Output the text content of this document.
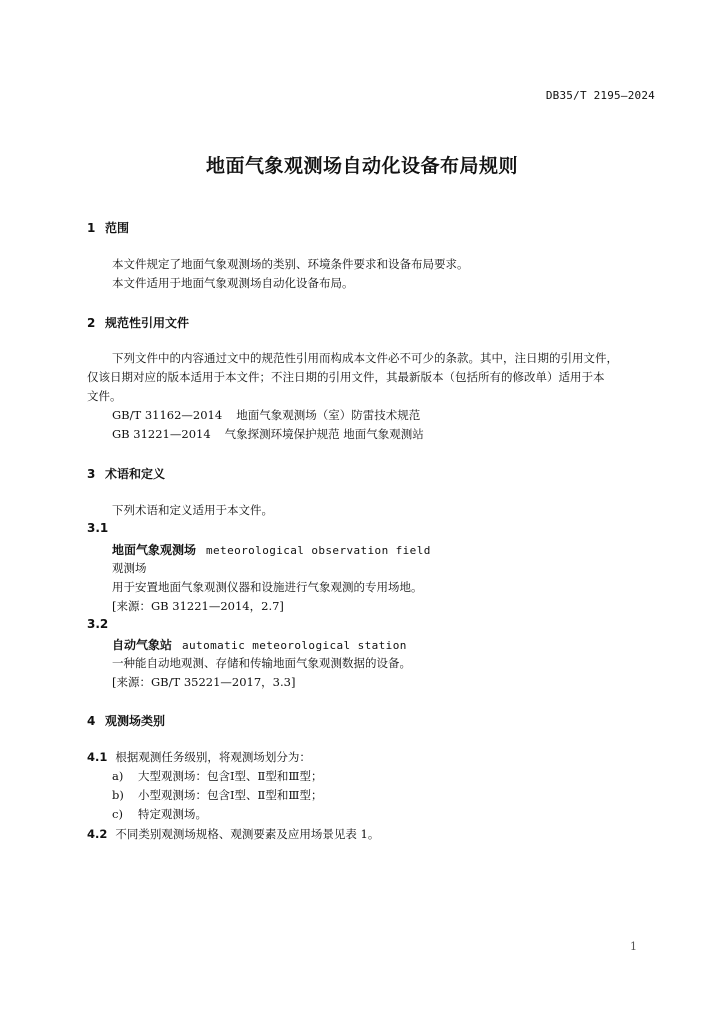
DB35/T 2195—2024
地面气象观测场自动化设备布局规则
1 范围
本文件规定了地面气象观测场的类别、环境条件要求和设备布局要求。
本文件适用于地面气象观测场自动化设备布局。
2 规范性引用文件
下列文件中的内容通过文中的规范性引用而构成本文件必不可少的条款。其中，注日期的引用文件，
仅该日期对应的版本适用于本文件；不注日期的引用文件，其最新版本（包括所有的修改单）适用于本
文件。
GB/T 31162—2014 地面气象观测场（室）防雷技术规范
GB 31221—2014 气象探测环境保护规范 地面气象观测站
3 术语和定义
下列术语和定义适用于本文件。
3.1
地面气象观测场 meteorological observation field
观测场
用于安置地面气象观测仪器和设施进行气象观测的专用场地。
[来源：GB 31221—2014，2.7]
3.2
自动气象站 automatic meteorological station
一种能自动地观测、存储和传输地面气象观测数据的设备。
[来源：GB/T 35221—2017，3.3]
4 观测场类别
4.1 根据观测任务级别，将观测场划分为：
a) 大型观测场：包含Ⅰ型、Ⅱ型和Ⅲ型；
b) 小型观测场：包含Ⅰ型、Ⅱ型和Ⅲ型；
c) 特定观测场。
4.2 不同类别观测场规格、观测要素及应用场景见表 1。
1
